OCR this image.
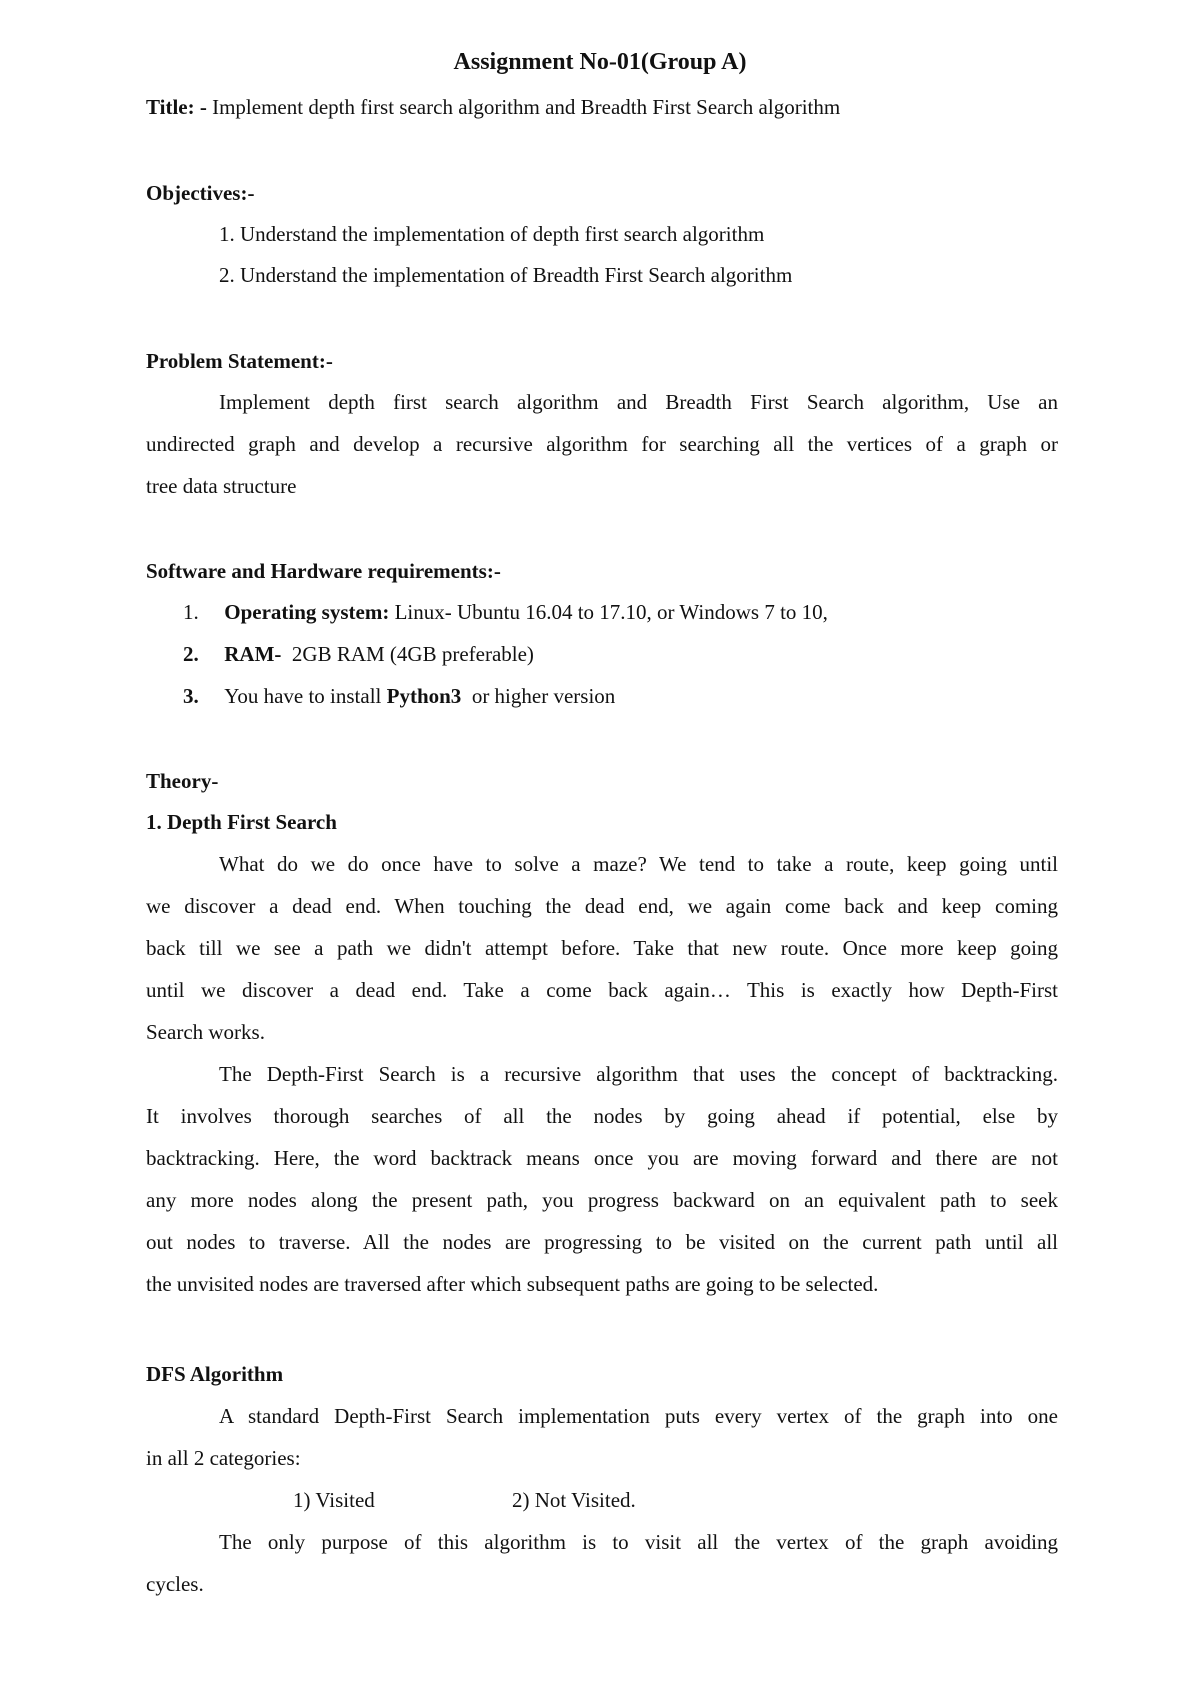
Assignment No-01(Group A)
Title: - Implement depth first search algorithm and Breadth First Search algorithm
Objectives:-
1. Understand the implementation of depth first search algorithm
2. Understand the implementation of Breadth First Search algorithm
Problem Statement:-
Implement depth first search algorithm and Breadth First Search algorithm, Use an
undirected graph and develop a recursive algorithm for searching all the vertices of a graph or
tree data structure
Software and Hardware requirements:-
1. Operating system: Linux- Ubuntu 16.04 to 17.10, or Windows 7 to 10,
2. RAM-  2GB RAM (4GB preferable)
3. You have to install Python3  or higher version
Theory-
1. Depth First Search
What do we do once have to solve a maze? We tend to take a route, keep going until
we discover a dead end. When touching the dead end, we again come back and keep coming
back till we see a path we didn't attempt before. Take that new route. Once more keep going
until we discover a dead end. Take a come back again… This is exactly how Depth-First
Search works.
The Depth-First Search is a recursive algorithm that uses the concept of backtracking.
It involves thorough searches of all the nodes by going ahead if potential, else by
backtracking. Here, the word backtrack means once you are moving forward and there are not
any more nodes along the present path, you progress backward on an equivalent path to seek
out nodes to traverse. All the nodes are progressing to be visited on the current path until all
the unvisited nodes are traversed after which subsequent paths are going to be selected.
DFS Algorithm
A standard Depth-First Search implementation puts every vertex of the graph into one
in all 2 categories:
1) Visited	2) Not Visited.
The only purpose of this algorithm is to visit all the vertex of the graph avoiding
cycles.
